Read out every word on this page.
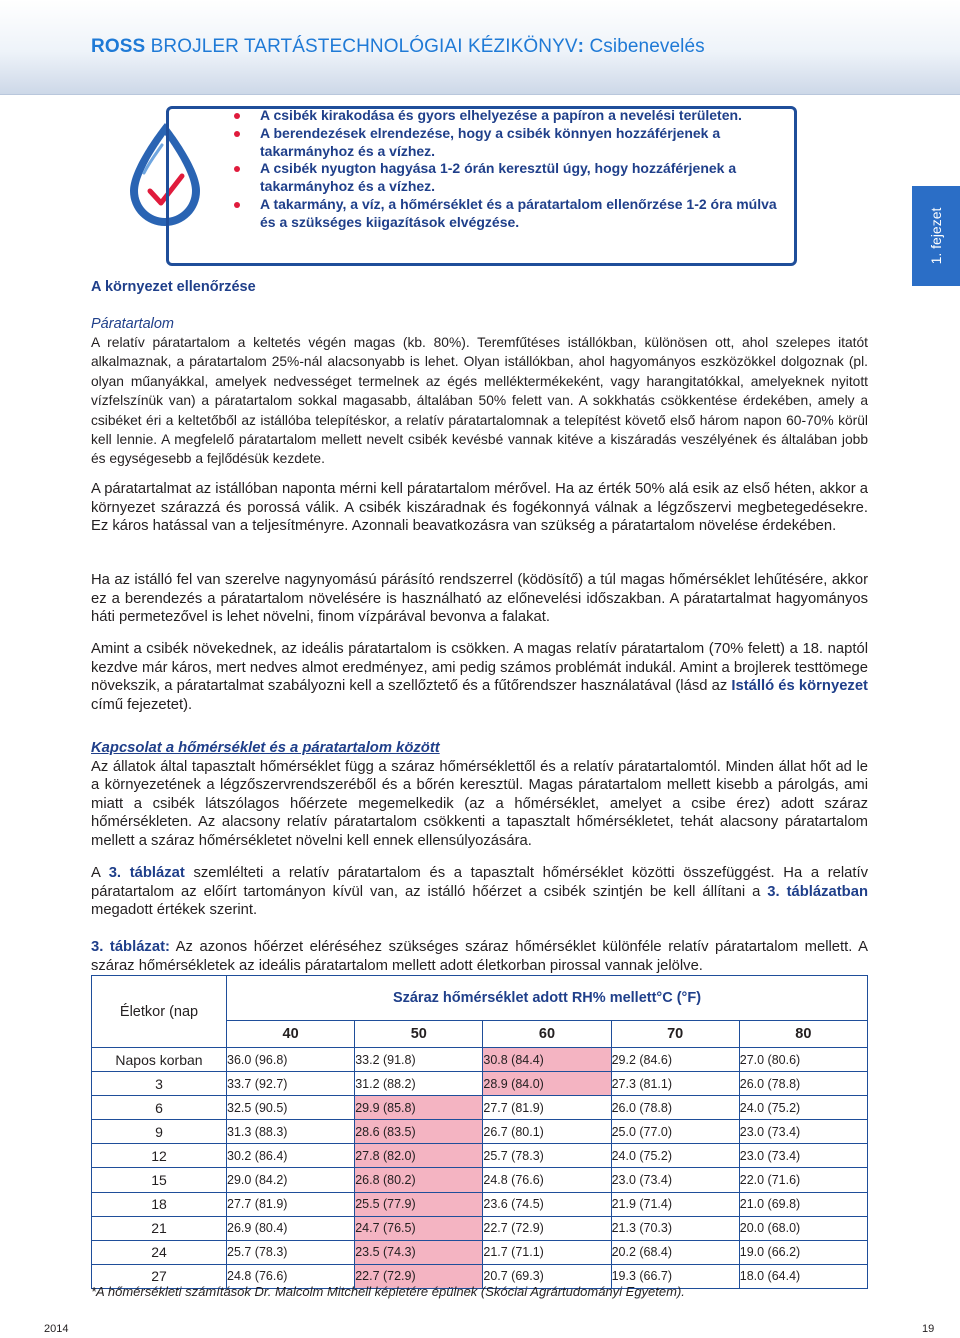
ROSS BROJLER TARTÁSTECHNOLÓGIAI KÉZIKÖNYV: Csibenevelés
A csibék kirakodása és gyors elhelyezése a papíron a nevelési területen.
A berendezések elrendezése, hogy a csibék könnyen hozzáférjenek a takarmányhoz és a vízhez.
A csibék nyugton hagyása 1-2 órán keresztül úgy, hogy hozzáférjenek a takarmányhoz és a vízhez.
A takarmány, a víz, a hőmérséklet és a páratartalom ellenőrzése 1-2 óra múlva és a szükséges kiigazítások elvégzése.	1. fejezet
A környezet ellenőrzése
Páratartalom

A relatív páratartalom a keltetés végén magas (kb. 80%). Teremfűtéses istállókban, különösen ott, ahol szelepes itatót alkalmaznak, a páratartalom 25%-nál alacsonyabb is lehet. Olyan istállókban, ahol hagyományos eszközökkel dolgoznak (pl. olyan műanyákkal, amelyek nedvességet termelnek az égés melléktermékeként, vagy harangitatókkal, amelyeknek nyitott vízfelszínük van) a páratartalom sokkal magasabb, általában 50% felett van. A sokkhatás csökkentése érdekében, amely a csibéket éri a keltetőből az istállóba telepítéskor, a relatív páratartalomnak a telepítést követő első három napon 60-70% körül kell lennie. A megfelelő páratartalom mellett nevelt csibék kevésbé vannak kitéve a kiszáradás veszélyének és általában jobb és egységesebb a fejlődésük kezdete.

A páratartalmat az istállóban naponta mérni kell páratartalom mérővel. Ha az érték 50% alá esik az első héten, akkor a környezet szárazzá és porossá válik. A csibék kiszáradnak és fogékonnyá válnak a légzőszervi megbetegedésekre. Ez káros hatással van a teljesítményre. Azonnali beavatkozásra van szükség a páratartalom növelése érdekében.

Ha az istálló fel van szerelve nagynyomású párásító rendszerrel (ködösítő) a túl magas hőmérséklet lehűtésére, akkor ez a berendezés a páratartalom növelésére is használható az előnevelési időszakban. A páratartalmat hagyományos háti permetezővel is lehet növelni, finom vízpárával bevonva a falakat.

Amint a csibék növekednek, az ideális páratartalom is csökken. A magas relatív páratartalom (70% felett) a 18. naptól kezdve már káros, mert nedves almot eredményez, ami pedig számos problémát indukál. Amint a brojlerek testtömege növekszik, a páratartalmat szabályozni kell a szellőztető és a fűtőrendszer használatával (lásd az Istálló és környezet című fejezetet).

Kapcsolat a hőmérséklet és a páratartalom között
Az állatok által tapasztalt hőmérséklet függ a száraz hőmérséklettől és a relatív páratartalomtól. Minden állat hőt ad le a környezetének a légzőszervrendszeréből és a bőrén keresztül. Magas páratartalom mellett kisebb a párolgás, ami miatt a csibék látszólagos hőérzete megemelkedik (az a hőmérséklet, amelyet a csibe érez) adott száraz hőmérsékleten. Az alacsony relatív páratartalom csökkenti a tapasztalt hőmérsékletet, tehát alacsony páratartalom mellett a száraz hőmérsékletet növelni kell ennek ellensúlyozására.

A 3. táblázat szemlélteti a relatív páratartalom és a tapasztalt hőmérséklet közötti összefüggést. Ha a relatív páratartalom az előírt tartományon kívül van, az istálló hőérzet a csibék szintjén be kell állítani a 3. táblázatban megadott értékek szerint.

3. táblázat: Az azonos hőérzet eléréséhez szükséges száraz hőmérséklet különféle relatív páratartalom mellett. A száraz hőmérsékletek az ideális páratartalom mellett adott életkorban pirossal vannak jelölve.

Életkor (nap	Száraz hőmérséklet adott RH% mellett°C (°F)				
	40	50	60	70	80
Napos korban	36.0 (96.8)	33.2 (91.8)	30.8 (84.4)	29.2 (84.6)	27.0 (80.6)
3	33.7 (92.7)	31.2 (88.2)	28.9 (84.0)	27.3 (81.1)	26.0 (78.8)
6	32.5 (90.5)	29.9 (85.8)	27.7 (81.9)	26.0 (78.8)	24.0 (75.2)
9	31.3 (88.3)	28.6 (83.5)	26.7 (80.1)	25.0 (77.0)	23.0 (73.4)
12	30.2 (86.4)	27.8 (82.0)	25.7 (78.3)	24.0 (75.2)	23.0 (73.4)
15	29.0 (84.2)	26.8 (80.2)	24.8 (76.6)	23.0 (73.4)	22.0 (71.6)
18	27.7 (81.9)	25.5 (77.9)	23.6 (74.5)	21.9 (71.4)	21.0 (69.8)
21	26.9 (80.4)	24.7 (76.5)	22.7 (72.9)	21.3 (70.3)	20.0 (68.0)
24	25.7 (78.3)	23.5 (74.3)	21.7 (71.1)	20.2 (68.4)	19.0 (66.2)
27	24.8 (76.6)	22.7 (72.9)	20.7 (69.3)	19.3 (66.7)	18.0 (64.4)
*A hőmérsékleti számítások Dr. Malcolm Mitchell képletére épülnek (Skóciai Agrártudományi Egyetem).
2014	19
